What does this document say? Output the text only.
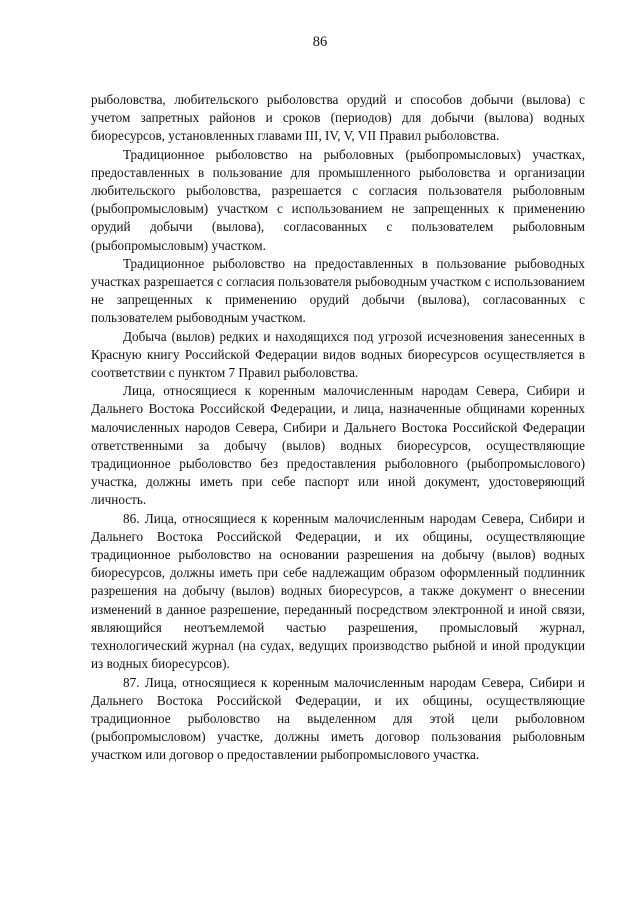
86

рыболовства, любительского рыболовства орудий и способов добычи (вылова) с учетом запретных районов и сроков (периодов) для добычи (вылова) водных биоресурсов, установленных главами III, IV, V, VII Правил рыболовства.

Традиционное рыболовство на рыболовных (рыбопромысловых) участках, предоставленных в пользование для промышленного рыболовства и организации любительского рыболовства, разрешается с согласия пользователя рыболовным (рыбопромысловым) участком с использованием не запрещенных к применению орудий добычи (вылова), согласованных с пользователем рыболовным (рыбопромысловым) участком.

Традиционное рыболовство на предоставленных в пользование рыбоводных участках разрешается с согласия пользователя рыбоводным участком с использованием не запрещенных к применению орудий добычи (вылова), согласованных с пользователем рыбоводным участком.

Добыча (вылов) редких и находящихся под угрозой исчезновения занесенных в Красную книгу Российской Федерации видов водных биоресурсов осуществляется в соответствии с пунктом 7 Правил рыболовства.

Лица, относящиеся к коренным малочисленным народам Севера, Сибири и Дальнего Востока Российской Федерации, и лица, назначенные общинами коренных малочисленных народов Севера, Сибири и Дальнего Востока Российской Федерации ответственными за добычу (вылов) водных биоресурсов, осуществляющие традиционное рыболовство без предоставления рыболовного (рыбопромыслового) участка, должны иметь при себе паспорт или иной документ, удостоверяющий личность.

86. Лица, относящиеся к коренным малочисленным народам Севера, Сибири и Дальнего Востока Российской Федерации, и их общины, осуществляющие традиционное рыболовство на основании разрешения на добычу (вылов) водных биоресурсов, должны иметь при себе надлежащим образом оформленный подлинник разрешения на добычу (вылов) водных биоресурсов, а также документ о внесении изменений в данное разрешение, переданный посредством электронной и иной связи, являющийся неотъемлемой частью разрешения, промысловый журнал, технологический журнал (на судах, ведущих производство рыбной и иной продукции из водных биоресурсов).

87. Лица, относящиеся к коренным малочисленным народам Севера, Сибири и Дальнего Востока Российской Федерации, и их общины, осуществляющие традиционное рыболовство на выделенном для этой цели рыболовном (рыбопромысловом) участке, должны иметь договор пользования рыболовным участком или договор о предоставлении рыбопромыслового участка.
